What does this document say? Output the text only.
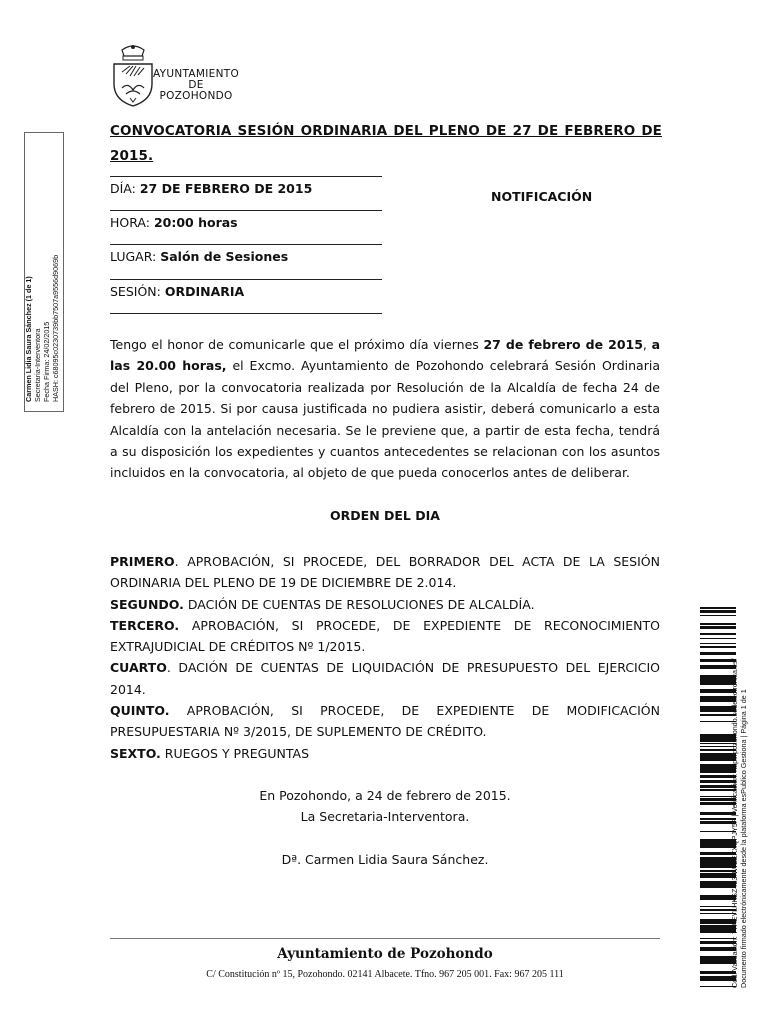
AYUNTAMIENTO
DE
POZOHONDO
Carmen Lidia Saura Sánchez (1 de 1) Secretaria-Interventora Fecha Firma: 24/02/2015 HASH: c68095c0230739bb7507a9556d9069b
CONVOCATORIA SESIÓN ORDINARIA DEL PLENO DE 27 DE FEBRERO DE 2015.
DÍA: 27 DE FEBRERO DE 2015
HORA: 20:00 horas
LUGAR: Salón de Sesiones
SESIÓN: ORDINARIA
NOTIFICACIÓN
Tengo el honor de comunicarle que el próximo día viernes 27 de febrero de 2015, a las 20.00 horas, el Excmo. Ayuntamiento de Pozohondo celebrará Sesión Ordinaria del Pleno, por la convocatoria realizada por Resolución de la Alcaldía de fecha 24 de febrero de 2015. Si por causa justificada no pudiera asistir, deberá comunicarlo a esta Alcaldía con la antelación necesaria. Se le previene que, a partir de esta fecha, tendrá a su disposición los expedientes y cuantos antecedentes se relacionan con los asuntos incluidos en la convocatoria, al objeto de que pueda conocerlos antes de deliberar.
ORDEN DEL DIA

PRIMERO. APROBACIÓN, SI PROCEDE, DEL BORRADOR DEL ACTA DE LA SESIÓN ORDINARIA DEL PLENO DE 19 DE DICIEMBRE DE 2.014.

SEGUNDO. DACIÓN DE CUENTAS DE RESOLUCIONES DE ALCALDÍA.

TERCERO. APROBACIÓN, SI PROCEDE, DE EXPEDIENTE DE RECONOCIMIENTO EXTRAJUDICIAL DE CRÉDITOS Nº 1/2015.

CUARTO. DACIÓN DE CUENTAS DE LIQUIDACIÓN DE PRESUPUESTO DEL EJERCICIO 2014.

QUINTO. APROBACIÓN, SI PROCEDE, DE EXPEDIENTE DE MODIFICACIÓN PRESUPUESTARIA Nº 3/2015, DE SUPLEMENTO DE CRÉDITO.

SEXTO. RUEGOS Y PREGUNTAS

En Pozohondo, a 24 de febrero de 2015.
La Secretaria-Interventora.
Dª. Carmen Lidia Saura Sánchez.
Ayuntamiento de Pozohondo
C/ Constitución nº 15, Pozohondo. 02141 Albacete. Tfno. 967 205 001. Fax: 967 205 111	Cód. Validación: 77AEYLHKSZ4L3NWZEXXQPJY5P | Verificación: http://pozohondo.sedelectronica.es/ Documento firmado electrónicamente desde la plataforma esPublico Gestiona | Página 1 de 1
